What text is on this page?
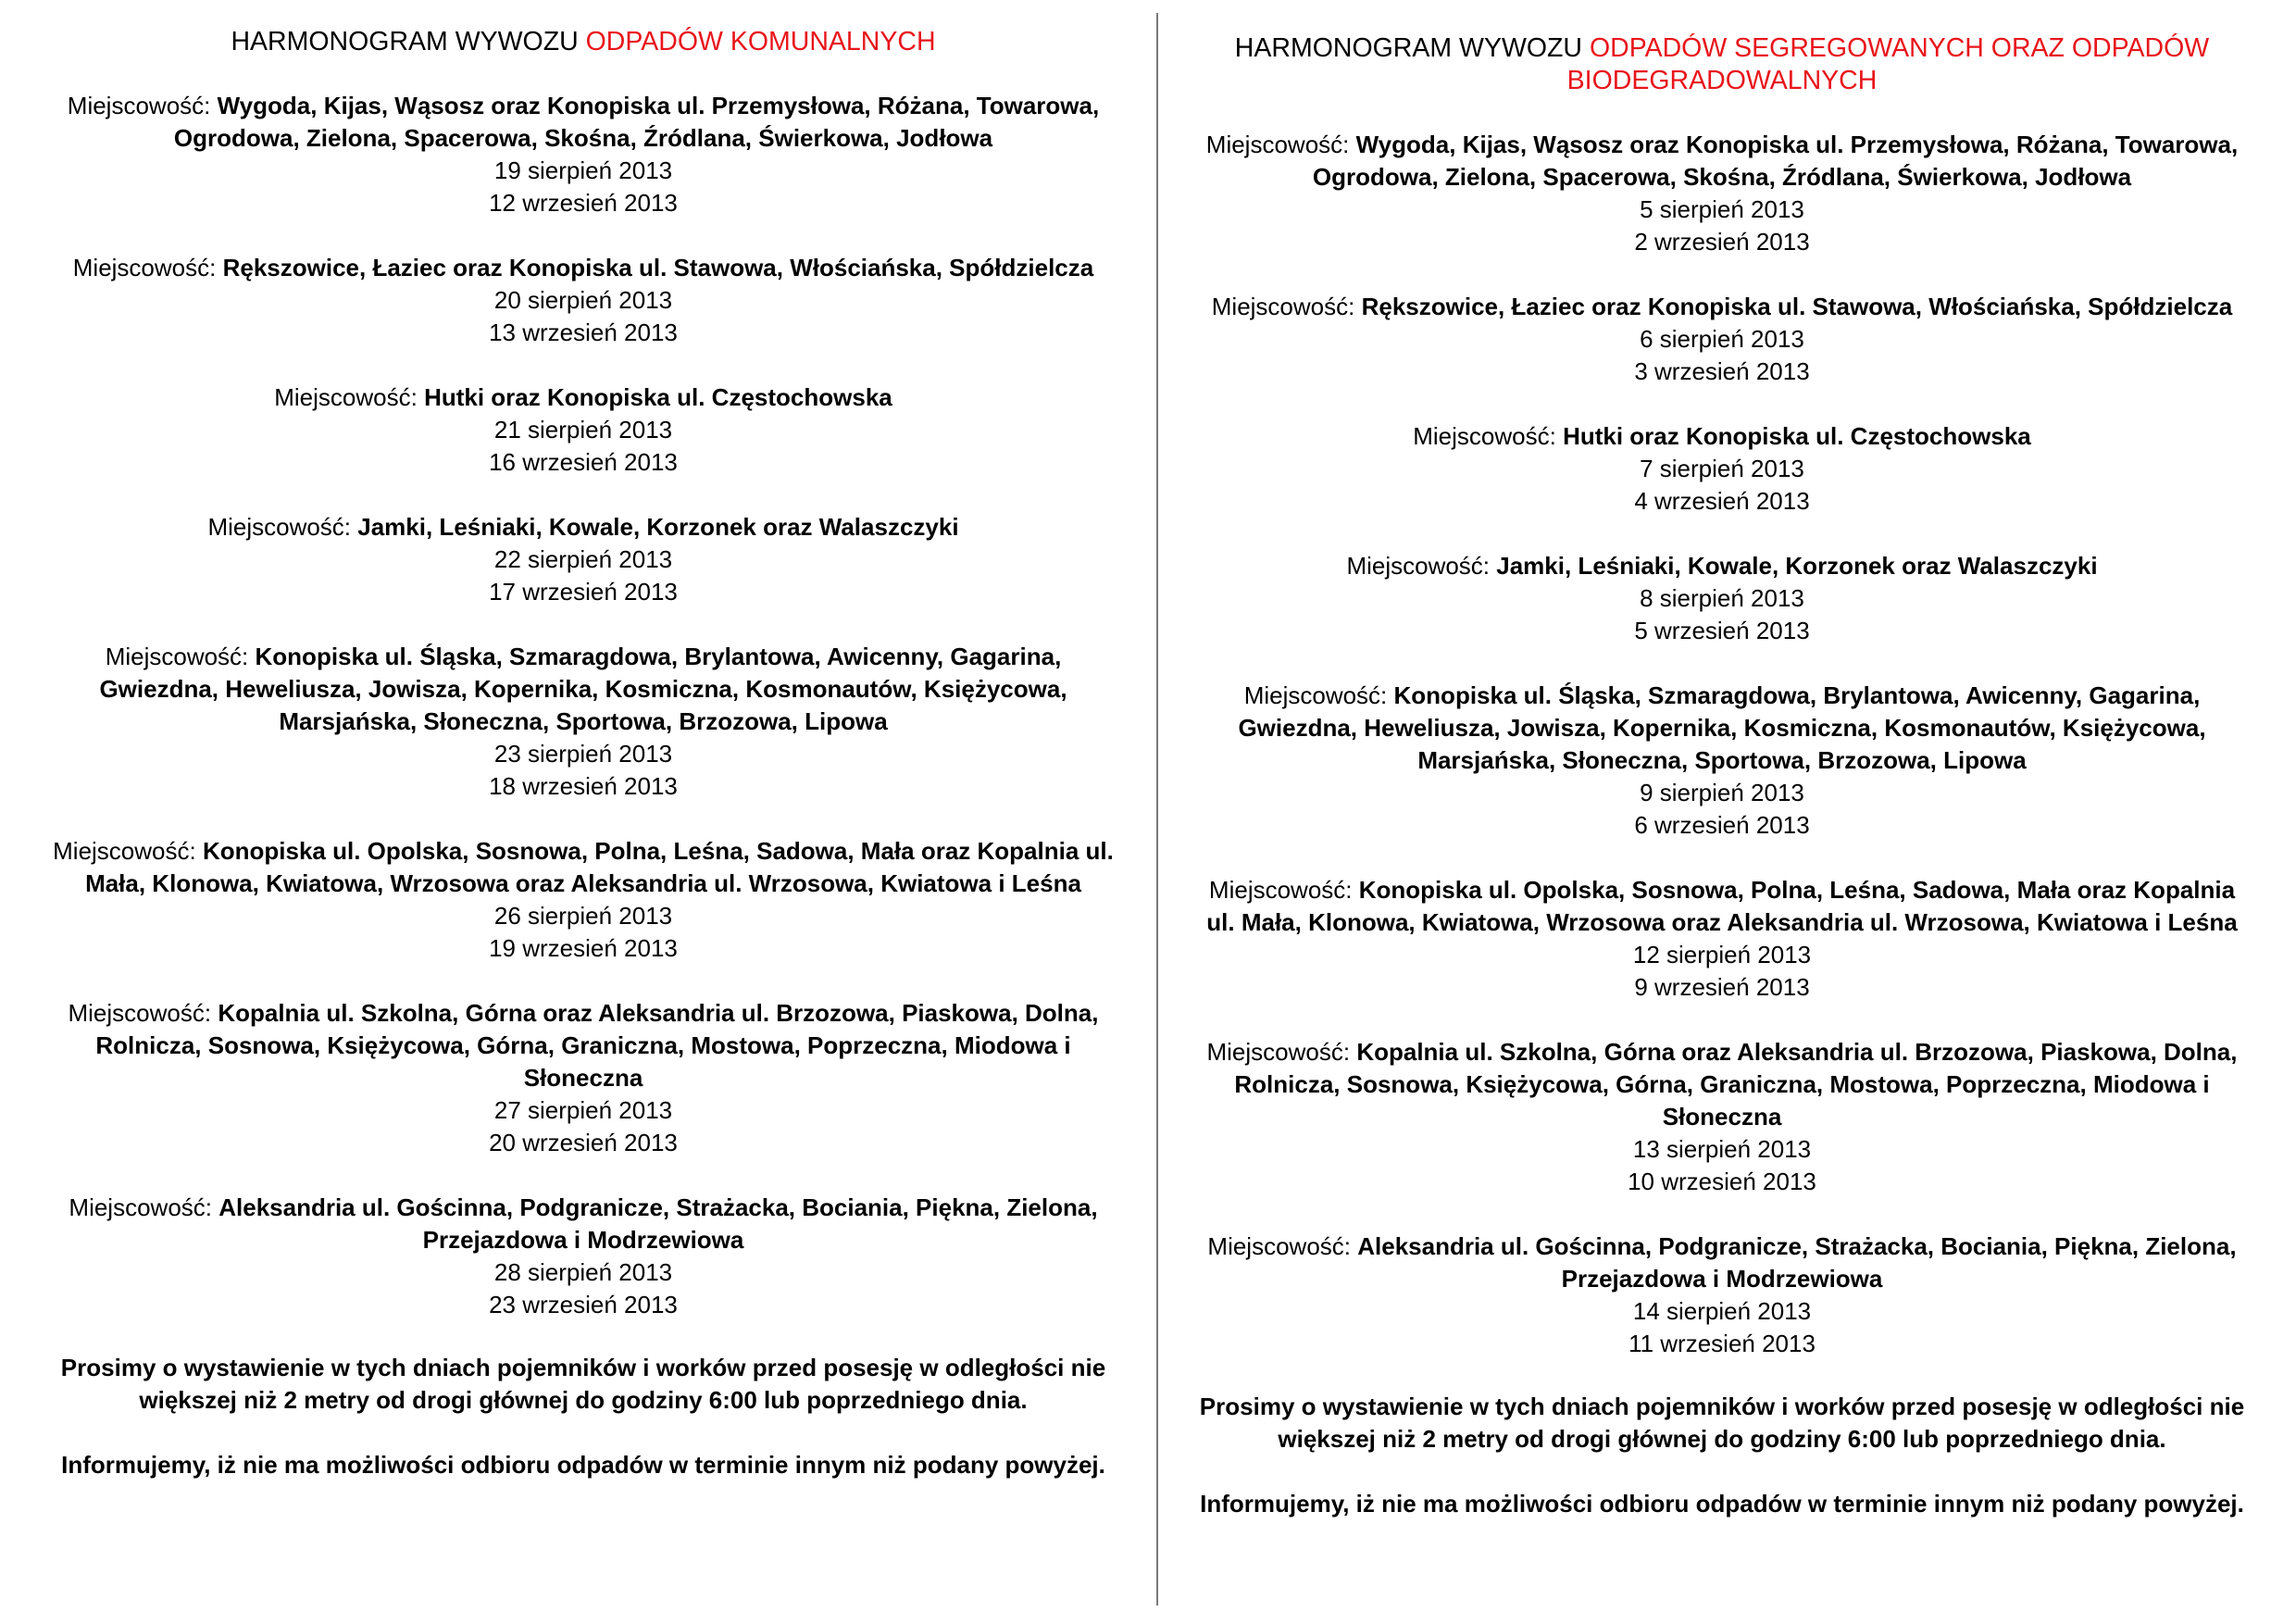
HARMONOGRAM WYWOZU ODPADÓW KOMUNALNYCH
Miejscowość: Wygoda, Kijas, Wąsosz oraz Konopiska ul. Przemysłowa, Różana, Towarowa, Ogrodowa, Zielona, Spacerowa, Skośna, Źródlana, Świerkowa, Jodłowa
19 sierpień 2013
12 wrzesień 2013
Miejscowość: Rększowice, Łaziec oraz Konopiska ul. Stawowa, Włościańska, Spółdzielcza
20 sierpień 2013
13 wrzesień 2013
Miejscowość: Hutki oraz Konopiska ul. Częstochowska
21 sierpień 2013
16 wrzesień 2013
Miejscowość: Jamki, Leśniaki, Kowale, Korzonek oraz Walaszczyki
22 sierpień 2013
17 wrzesień 2013
Miejscowość: Konopiska ul. Śląska, Szmaragdowa, Brylantowa, Awicenny, Gagarina, Gwiezdna, Heweliusza, Jowisza, Kopernika, Kosmiczna, Kosmonautów, Księżycowa, Marsjańska, Słoneczna, Sportowa, Brzozowa, Lipowa
23 sierpień 2013
18 wrzesień 2013
Miejscowość: Konopiska ul. Opolska, Sosnowa, Polna, Leśna, Sadowa, Mała oraz Kopalnia ul. Mała, Klonowa, Kwiatowa, Wrzosowa oraz Aleksandria ul. Wrzosowa, Kwiatowa i Leśna
26 sierpień 2013
19 wrzesień 2013
Miejscowość: Kopalnia ul. Szkolna, Górna oraz Aleksandria ul. Brzozowa, Piaskowa, Dolna, Rolnicza, Sosnowa, Księżycowa, Górna, Graniczna, Mostowa, Poprzeczna, Miodowa i Słoneczna
27 sierpień 2013
20 wrzesień 2013
Miejscowość: Aleksandria ul. Gościnna, Podgranicze, Strażacka, Bociania, Piękna, Zielona, Przejazdowa i Modrzewiowa
28 sierpień 2013
23 wrzesień 2013
Prosimy o wystawienie w tych dniach pojemników i worków przed posesję w odległości nie większej niż 2 metry od drogi głównej do godziny 6:00 lub poprzedniego dnia.
Informujemy, iż nie ma możliwości odbioru odpadów w terminie innym niż podany powyżej.
HARMONOGRAM WYWOZU ODPADÓW SEGREGOWANYCH ORAZ ODPADÓW BIODEGRADOWALNYCH
Miejscowość: Wygoda, Kijas, Wąsosz oraz Konopiska ul. Przemysłowa, Różana, Towarowa, Ogrodowa, Zielona, Spacerowa, Skośna, Źródlana, Świerkowa, Jodłowa
5 sierpień 2013
2 wrzesień 2013
Miejscowość: Rększowice, Łaziec oraz Konopiska ul. Stawowa, Włościańska, Spółdzielcza
6 sierpień 2013
3 wrzesień 2013
Miejscowość: Hutki oraz Konopiska ul. Częstochowska
7 sierpień 2013
4 wrzesień 2013
Miejscowość: Jamki, Leśniaki, Kowale, Korzonek oraz Walaszczyki
8 sierpień 2013
5 wrzesień 2013
Miejscowość: Konopiska ul. Śląska, Szmaragdowa, Brylantowa, Awicenny, Gagarina, Gwiezdna, Heweliusza, Jowisza, Kopernika, Kosmiczna, Kosmonautów, Księżycowa, Marsjańska, Słoneczna, Sportowa, Brzozowa, Lipowa
9 sierpień 2013
6 wrzesień 2013
Miejscowość: Konopiska ul. Opolska, Sosnowa, Polna, Leśna, Sadowa, Mała oraz Kopalnia ul. Mała, Klonowa, Kwiatowa, Wrzosowa oraz Aleksandria ul. Wrzosowa, Kwiatowa i Leśna
12 sierpień 2013
9 wrzesień 2013
Miejscowość: Kopalnia ul. Szkolna, Górna oraz Aleksandria ul. Brzozowa, Piaskowa, Dolna, Rolnicza, Sosnowa, Księżycowa, Górna, Graniczna, Mostowa, Poprzeczna, Miodowa i Słoneczna
13 sierpień 2013
10 wrzesień 2013
Miejscowość: Aleksandria ul. Gościnna, Podgranicze, Strażacka, Bociania, Piękna, Zielona, Przejazdowa i Modrzewiowa
14 sierpień 2013
11 wrzesień 2013
Prosimy o wystawienie w tych dniach pojemników i worków przed posesję w odległości nie większej niż 2 metry od drogi głównej do godziny 6:00 lub poprzedniego dnia.
Informujemy, iż nie ma możliwości odbioru odpadów w terminie innym niż podany powyżej.
